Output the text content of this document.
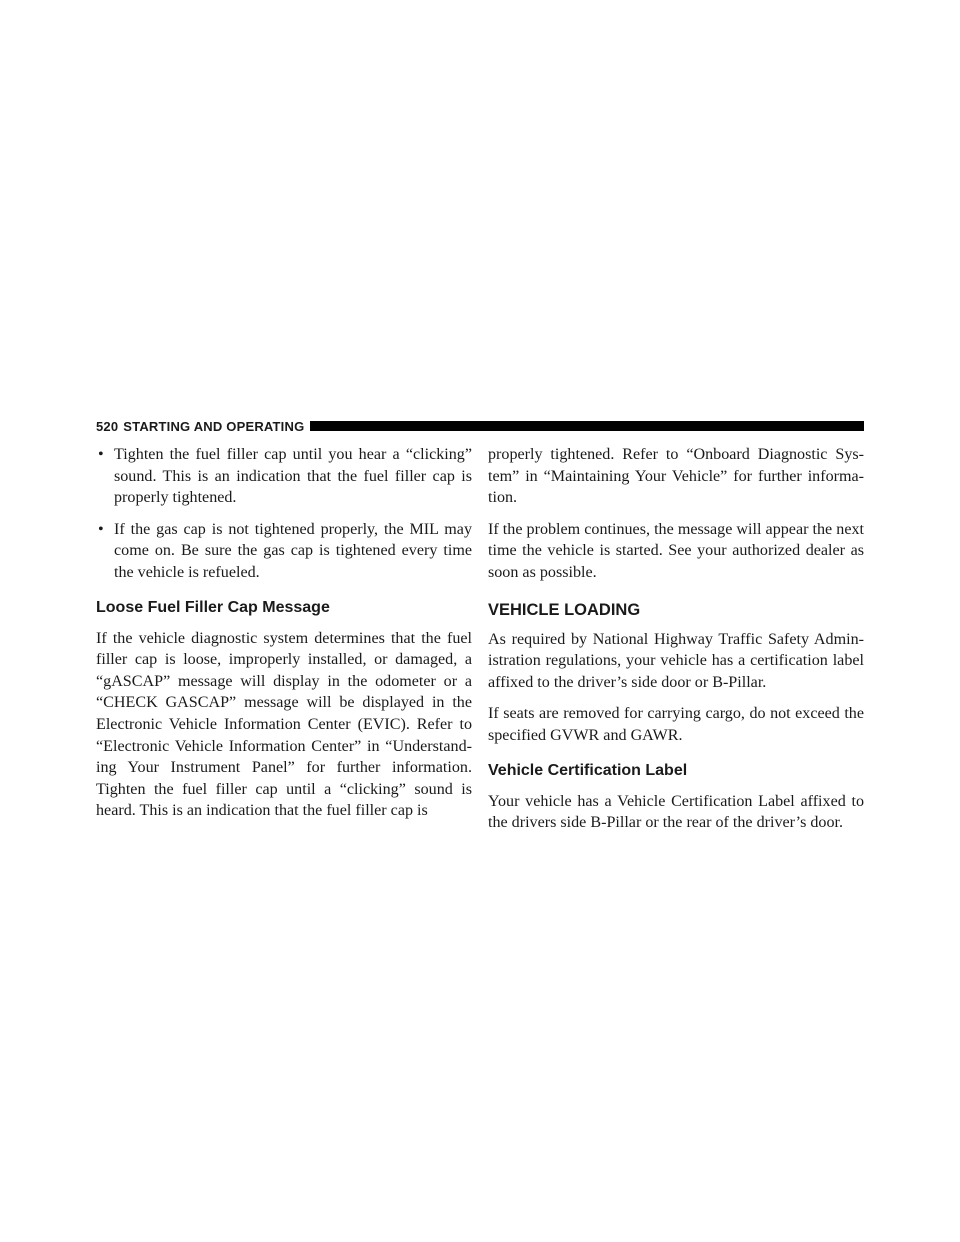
520 STARTING AND OPERATING
• Tighten the fuel filler cap until you hear a “clicking” sound. This is an indication that the fuel filler cap is properly tightened.
• If the gas cap is not tightened properly, the MIL may come on. Be sure the gas cap is tightened every time the vehicle is refueled.
Loose Fuel Filler Cap Message

If the vehicle diagnostic system determines that the fuel filler cap is loose, improperly installed, or damaged, a “gASCAP” message will display in the odometer or a “CHECK GASCAP” message will be displayed in the Electronic Vehicle Information Center (EVIC). Refer to “Electronic Vehicle Information Center” in “Understand-ing Your Instrument Panel” for further information. Tighten the fuel filler cap until a “clicking” sound is heard. This is an indication that the fuel filler cap is

properly tightened. Refer to “Onboard Diagnostic Sys-tem” in “Maintaining Your Vehicle” for further informa-tion.

If the problem continues, the message will appear the next time the vehicle is started. See your authorized dealer as soon as possible.

VEHICLE LOADING

As required by National Highway Traffic Safety Admin-istration regulations, your vehicle has a certification label affixed to the driver’s side door or B-Pillar.

If seats are removed for carrying cargo, do not exceed the specified GVWR and GAWR.

Vehicle Certification Label

Your vehicle has a Vehicle Certification Label affixed to the drivers side B-Pillar or the rear of the driver’s door.
